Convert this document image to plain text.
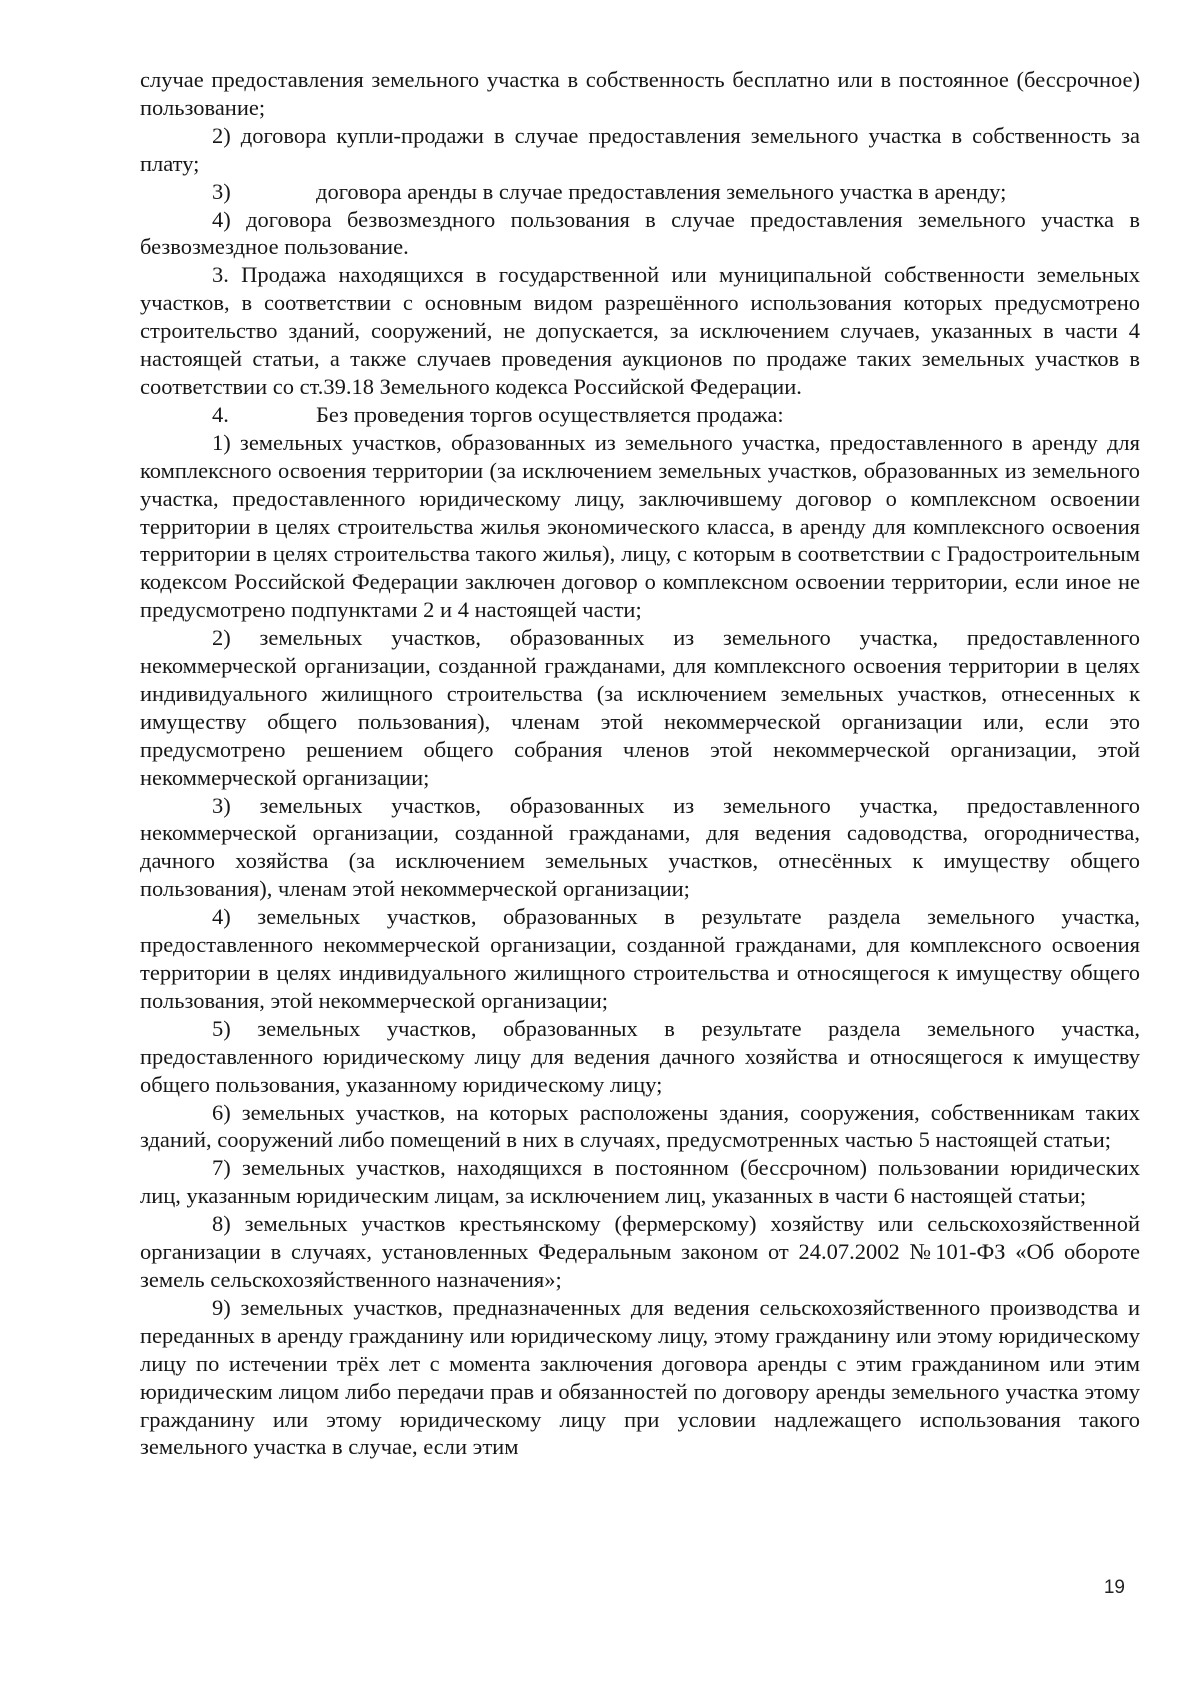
случае предоставления земельного участка в собственность бесплатно или в постоянное (бессрочное) пользование;

2) договора купли-продажи в случае предоставления земельного участка в собственность за плату;

3)	договора аренды в случае предоставления земельного участка в аренду;

4) договора безвозмездного пользования в случае предоставления земельного участка в безвозмездное пользование.

3. Продажа находящихся в государственной или муниципальной собственности земельных участков, в соответствии с основным видом разрешённого использования которых предусмотрено строительство зданий, сооружений, не допускается, за исключением случаев, указанных в части 4 настоящей статьи, а также случаев проведения аукционов по продаже таких земельных участков в соответствии со ст.39.18 Земельного кодекса Российской Федерации.

4.	Без проведения торгов осуществляется продажа:

1) земельных участков, образованных из земельного участка, предоставленного в аренду для комплексного освоения территории (за исключением земельных участков, образованных из земельного участка, предоставленного юридическому лицу, заключившему договор о комплексном освоении территории в целях строительства жилья экономического класса, в аренду для комплексного освоения территории в целях строительства такого жилья), лицу, с которым в соответствии с Градостроительным кодексом Российской Федерации заключен договор о комплексном освоении территории, если иное не предусмотрено подпунктами 2 и 4 настоящей части;

2) земельных участков, образованных из земельного участка, предоставленного некоммерческой организации, созданной гражданами, для комплексного освоения территории в целях индивидуального жилищного строительства (за исключением земельных участков, отнесенных к имуществу общего пользования), членам этой некоммерческой организации или, если это предусмотрено решением общего собрания членов этой некоммерческой организации, этой некоммерческой организации;

3) земельных участков, образованных из земельного участка, предоставленного некоммерческой организации, созданной гражданами, для ведения садоводства, огородничества, дачного хозяйства (за исключением земельных участков, отнесённых к имуществу общего пользования), членам этой некоммерческой организации;

4) земельных участков, образованных в результате раздела земельного участка, предоставленного некоммерческой организации, созданной гражданами, для комплексного освоения территории в целях индивидуального жилищного строительства и относящегося к имуществу общего пользования, этой некоммерческой организации;

5) земельных участков, образованных в результате раздела земельного участка, предоставленного юридическому лицу для ведения дачного хозяйства и относящегося к имуществу общего пользования, указанному юридическому лицу;

6) земельных участков, на которых расположены здания, сооружения, собственникам таких зданий, сооружений либо помещений в них в случаях, предусмотренных частью 5 настоящей статьи;

7) земельных участков, находящихся в постоянном (бессрочном) пользовании юридических лиц, указанным юридическим лицам, за исключением лиц, указанных в части 6 настоящей статьи;

8) земельных участков крестьянскому (фермерскому) хозяйству или сельскохозяйственной организации в случаях, установленных Федеральным законом от 24.07.2002 №101-ФЗ «Об обороте земель сельскохозяйственного назначения»;

9) земельных участков, предназначенных для ведения сельскохозяйственного производства и переданных в аренду гражданину или юридическому лицу, этому гражданину или этому юридическому лицу по истечении трёх лет с момента заключения договора аренды с этим гражданином или этим юридическим лицом либо передачи прав и обязанностей по договору аренды земельного участка этому гражданину или этому юридическому лицу при условии надлежащего использования такого земельного участка в случае, если этим

19
